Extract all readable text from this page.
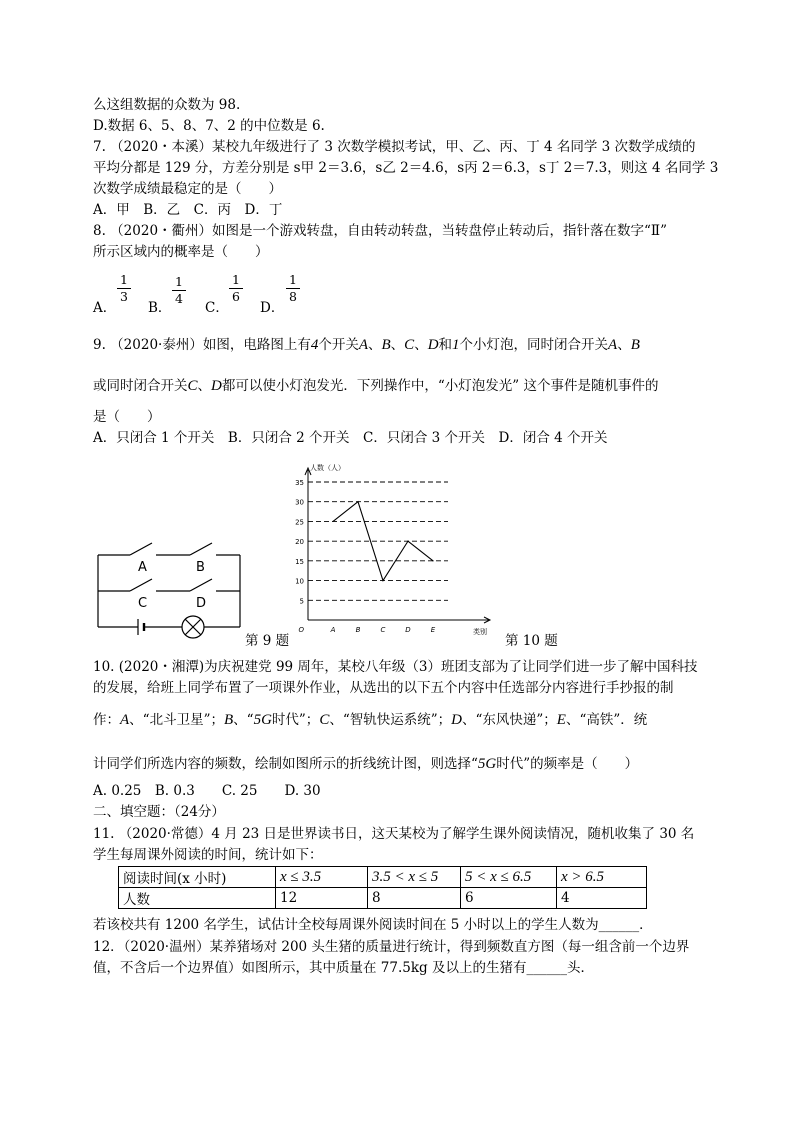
么这组数据的众数为 98.
D.数据 6、5、8、7、2 的中位数是 6.
7. （2020・本溪）某校九年级进行了 3 次数学模拟考试，甲、乙、丙、丁 4 名同学 3 次数学成绩的
平均分都是 129 分，方差分别是 s甲 2＝3.6，s乙 2＝4.6，s丙 2＝6.3，s丁 2＝7.3，则这 4 名同学 3
次数学成绩最稳定的是（　　）
A．甲　B．乙　C．丙　D．丁
8. （2020・衢州）如图是一个游戏转盘，自由转动转盘，当转盘停止转动后，指针落在数字“Ⅱ”
所示区域内的概率是（　　）
A．
1
3
B．
1
4
C．
1
6
D．
1
8
9. （2020·泰州）如图，电路图上有4个开关A、B、C、D和1个小灯泡，同时闭合开关A、B
或同时闭合开关C、D都可以使小灯泡发光．下列操作中，“小灯泡发光” 这个事件是随机事件的
是（　　）
A．只闭合 1 个开关　B．只闭合 2 个开关　C．只闭合 3 个开关　D．闭合 4 个开关
A	B
C	D
第 9 题
5
10
15
20
25
30
35
A	B	C	D	E
O
人数（人）
类别
第 10 题
10. (2020・湘潭)为庆祝建党 99 周年，某校八年级（3）班团支部为了让同学们进一步了解中国科技
的发展，给班上同学布置了一项课外作业，从选出的以下五个内容中任选部分内容进行手抄报的制
作：A、“北斗卫星”；B、“5G时代”；C、“智轨快运系统”；D、“东风快递”；E、“高铁”．统
计同学们所选内容的频数，绘制如图所示的折线统计图，则选择“5G时代”的频率是（　　）
A. 0.25　B. 0.3　　C. 25　　D. 30
二、填空题：（24分）
11. （2020·常德）4 月 23 日是世界读书日，这天某校为了解学生课外阅读情况，随机收集了 30 名
学生每周课外阅读的时间，统计如下：
阅读时间(x 小时)	x ≤ 3.5	3.5 < x ≤ 5	5 < x ≤ 6.5	x > 6.5
人数	12	8	6	4
若该校共有 1200 名学生，试估计全校每周课外阅读时间在 5 小时以上的学生人数为______．
12．（2020·温州）某养猪场对 200 头生猪的质量进行统计，得到频数直方图（每一组含前一个边界
值，不含后一个边界值）如图所示，其中质量在 77.5kg 及以上的生猪有______头．
